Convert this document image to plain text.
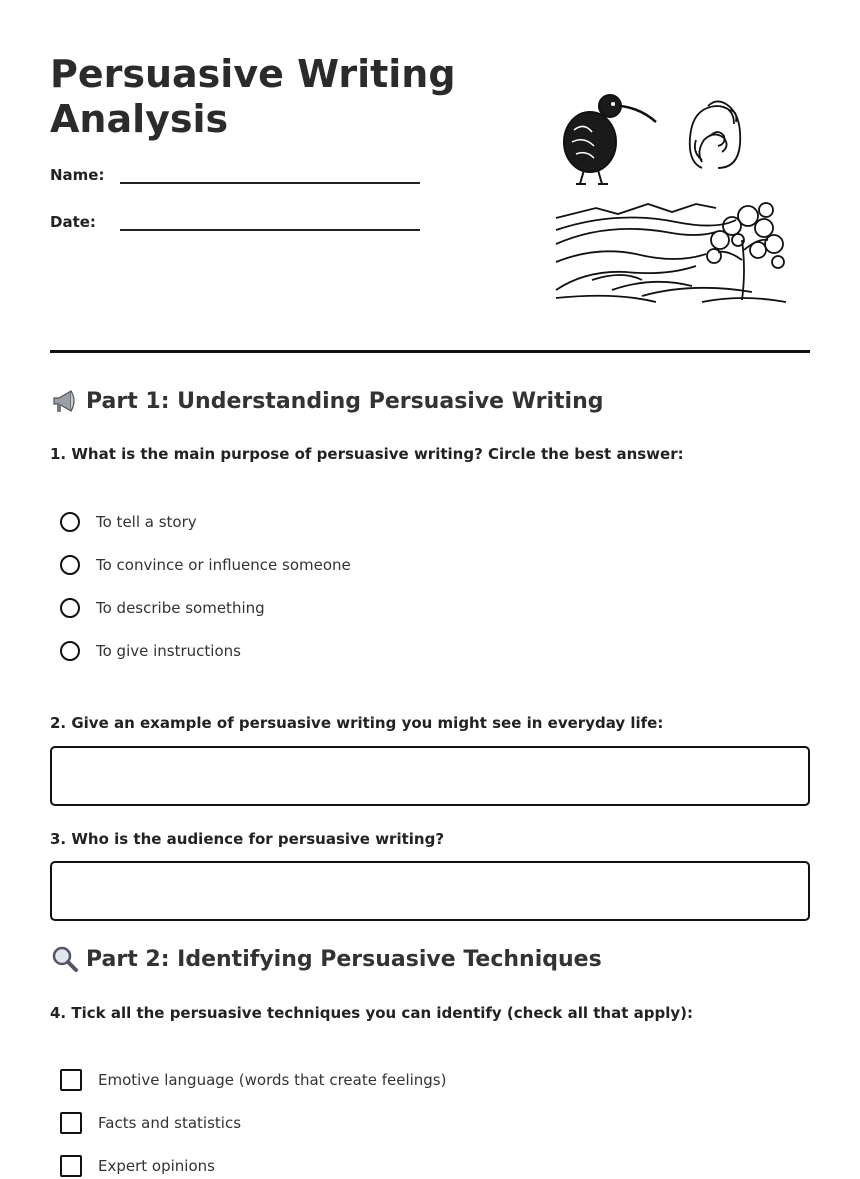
Persuasive Writing Analysis
Name:
Date:
Part 1: Understanding Persuasive Writing
1. What is the main purpose of persuasive writing? Circle the best answer:
To tell a story
To convince or influence someone
To describe something
To give instructions
2. Give an example of persuasive writing you might see in everyday life:
3. Who is the audience for persuasive writing?
Part 2: Identifying Persuasive Techniques
4. Tick all the persuasive techniques you can identify (check all that apply):
Emotive language (words that create feelings)
Facts and statistics
Expert opinions
